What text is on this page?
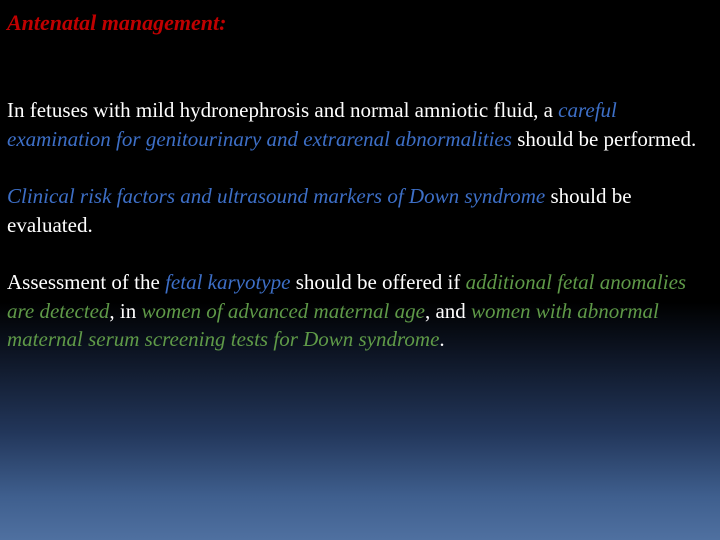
Antenatal management:

In fetuses with mild hydronephrosis and normal amniotic fluid, a careful examination for genitourinary and extrarenal abnormalities should be performed.

Clinical risk factors and ultrasound markers of Down syndrome should be evaluated.

Assessment of the fetal karyotype should be offered if additional fetal anomalies are detected, in women of advanced maternal age, and women with abnormal maternal serum screening tests for Down syndrome.
